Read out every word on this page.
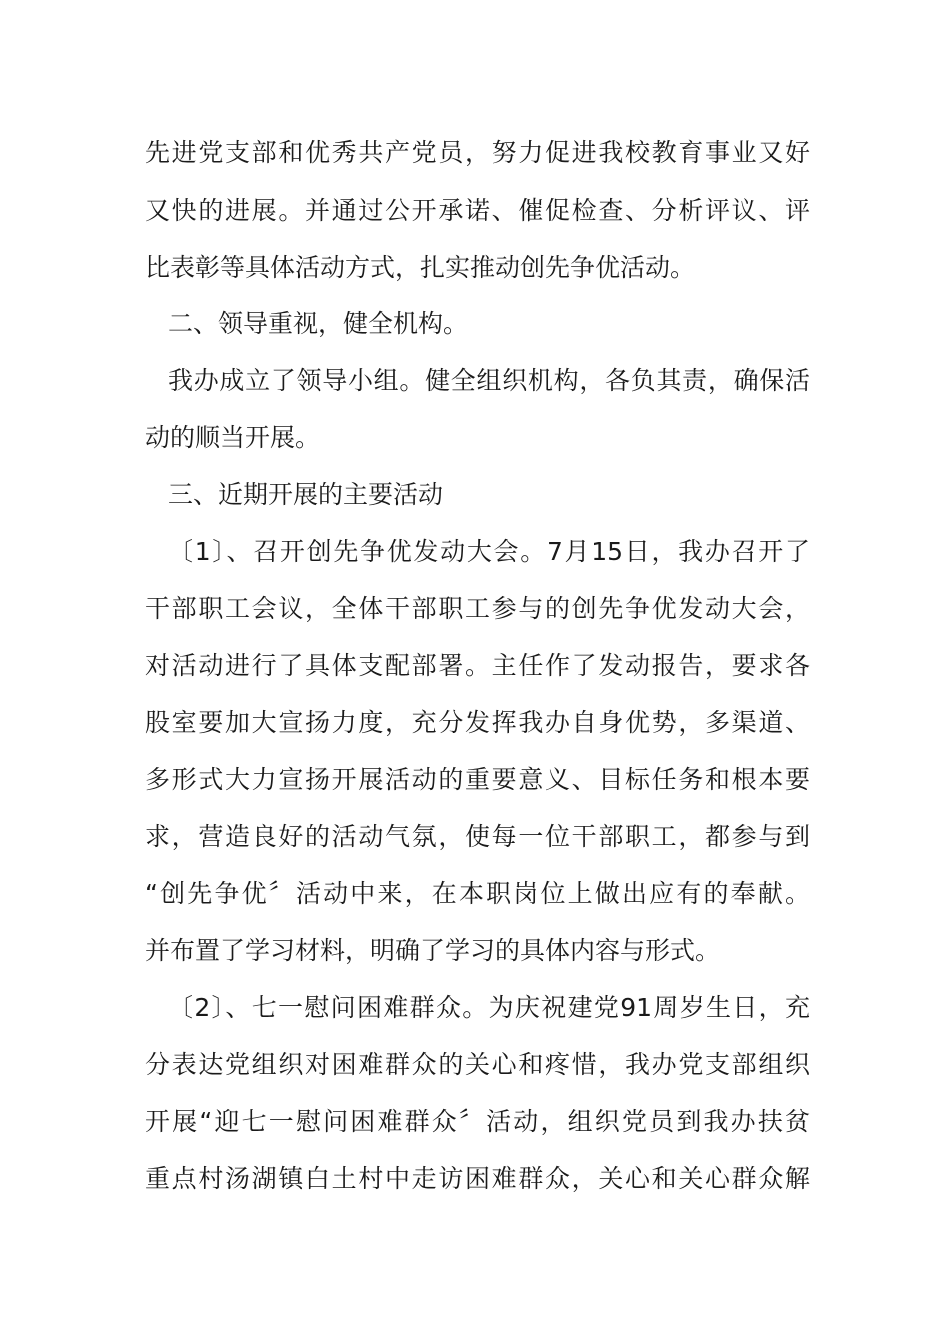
先进党支部和优秀共产党员，努力促进我校教育事业又好
又快的进展。并通过公开承诺、催促检查、分析评议、评
比表彰等具体活动方式，扎实推动创先争优活动。
二、领导重视，健全机构。
我办成立了领导小组。健全组织机构，各负其责，确保活
动的顺当开展。
三、近期开展的主要活动
〔1〕、召开创先争优发动大会。7月15日，我办召开了
干部职工会议，全体干部职工参与的创先争优发动大会，
对活动进行了具体支配部署。主任作了发动报告，要求各
股室要加大宣扬力度，充分发挥我办自身优势，多渠道、
多形式大力宣扬开展活动的重要意义、目标任务和根本要
求，营造良好的活动气氛，使每一位干部职工，都参与到
“创先争优〞活动中来，在本职岗位上做出应有的奉献。
并布置了学习材料，明确了学习的具体内容与形式。
〔2〕、七一慰问困难群众。为庆祝建党91周岁生日，充
分表达党组织对困难群众的关心和疼惜，我办党支部组织
开展“迎七一慰问困难群众〞活动，组织党员到我办扶贫
重点村汤湖镇白土村中走访困难群众，关心和关心群众解
